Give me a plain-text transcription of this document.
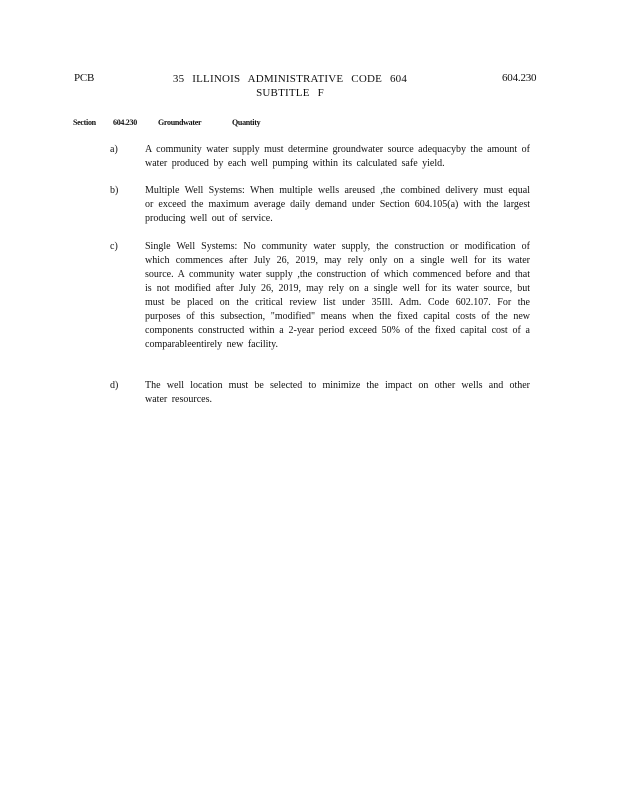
PCB	35 ILLINOIS ADMINISTRATIVE CODE 604
SUBTITLE F
604.230
Section 604.230	Groundwater	Quantity
a)	A community water supply must determine groundwater source adequacyby the amount of water produced by each well pumping within its calculated safe yield.
b)	Multiple Well Systems: When multiple wells areused ,the combined delivery must equal or exceed the maximum average daily demand under Section 604.105(a) with the largest producing well out of service.
c)	Single Well Systems: No community water supply, the construction or modification of which commences after July 26, 2019, may rely only on a single well for its water source. A community water supply ,the construction of which commenced before and that is not modified after July 26, 2019, may rely on a single well for its water source, but must be placed on the critical review list under 35Ill. Adm. Code 602.107. For the purposes of this subsection, "modified" means when the fixed capital costs of the new components constructed within a 2-year period exceed 50% of the fixed capital cost of a comparableentirely new facility.
d)	The well location must be selected to minimize the impact on other wells and other water resources.
